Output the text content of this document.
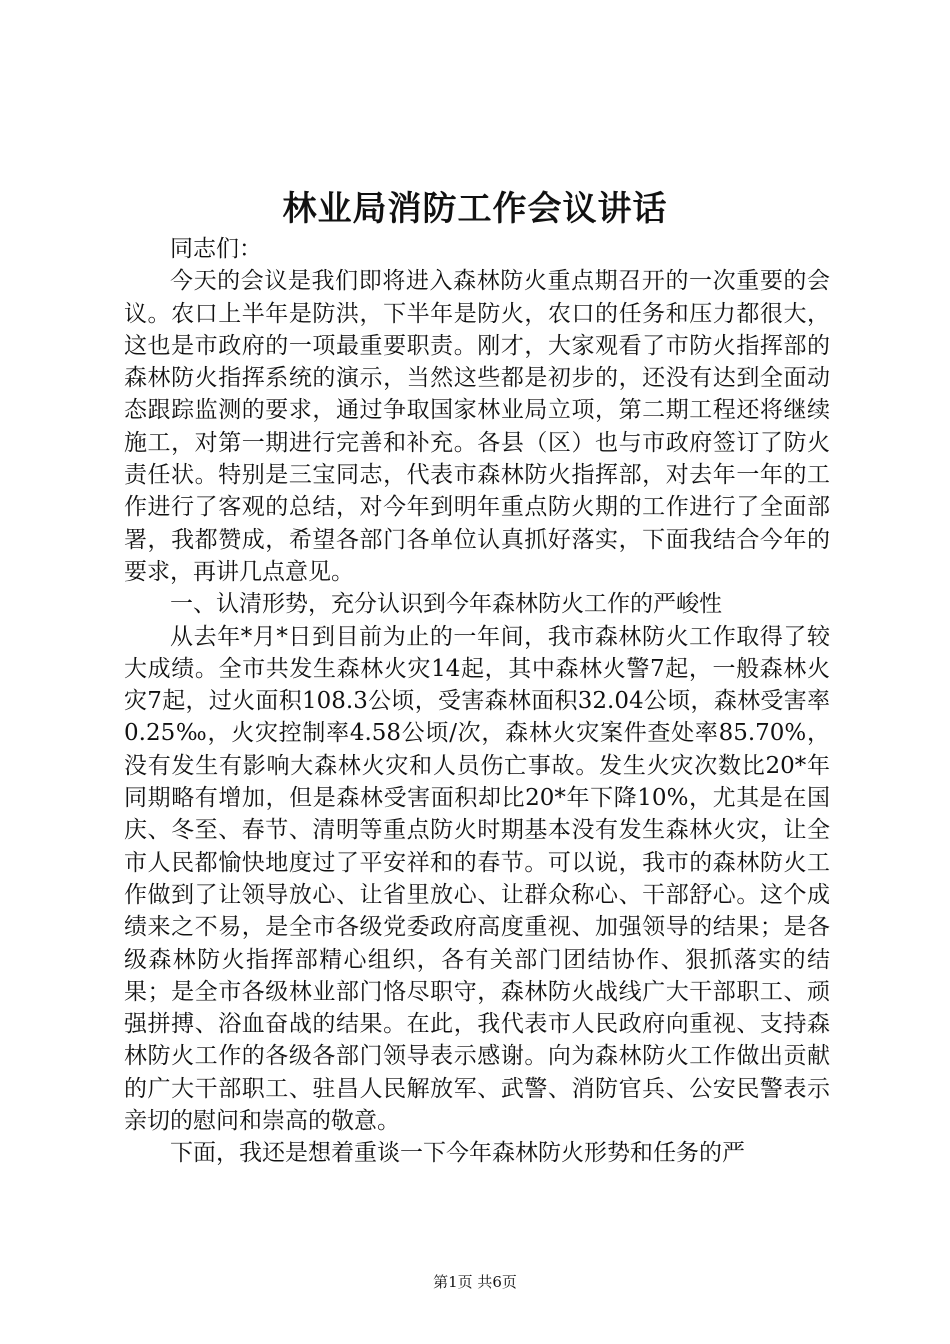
林业局消防工作会议讲话

同志们：

今天的会议是我们即将进入森林防火重点期召开的一次重要的会议。农口上半年是防洪，下半年是防火，农口的任务和压力都很大，这也是市政府的一项最重要职责。刚才，大家观看了市防火指挥部的森林防火指挥系统的演示，当然这些都是初步的，还没有达到全面动态跟踪监测的要求，通过争取国家林业局立项，第二期工程还将继续施工，对第一期进行完善和补充。各县（区）也与市政府签订了防火责任状。特别是三宝同志，代表市森林防火指挥部，对去年一年的工作进行了客观的总结，对今年到明年重点防火期的工作进行了全面部署，我都赞成，希望各部门各单位认真抓好落实，下面我结合今年的要求，再讲几点意见。

一、认清形势，充分认识到今年森林防火工作的严峻性

从去年*月*日到目前为止的一年间，我市森林防火工作取得了较大成绩。全市共发生森林火灾14起，其中森林火警7起，一般森林火灾7起，过火面积108.3公顷，受害森林面积32.04公顷，森林受害率0.25‰，火灾控制率4.58公顷/次，森林火灾案件查处率85.70%，没有发生有影响大森林火灾和人员伤亡事故。发生火灾次数比20*年同期略有增加，但是森林受害面积却比20*年下降10%，尤其是在国庆、冬至、春节、清明等重点防火时期基本没有发生森林火灾，让全市人民都愉快地度过了平安祥和的春节。可以说，我市的森林防火工作做到了让领导放心、让省里放心、让群众称心、干部舒心。这个成绩来之不易，是全市各级党委政府高度重视、加强领导的结果；是各级森林防火指挥部精心组织，各有关部门团结协作、狠抓落实的结果；是全市各级林业部门恪尽职守，森林防火战线广大干部职工、顽强拼搏、浴血奋战的结果。在此，我代表市人民政府向重视、支持森林防火工作的各级各部门领导表示感谢。向为森林防火工作做出贡献的广大干部职工、驻昌人民解放军、武警、消防官兵、公安民警表示亲切的慰问和崇高的敬意。

下面，我还是想着重谈一下今年森林防火形势和任务的严

第1页 共6页
